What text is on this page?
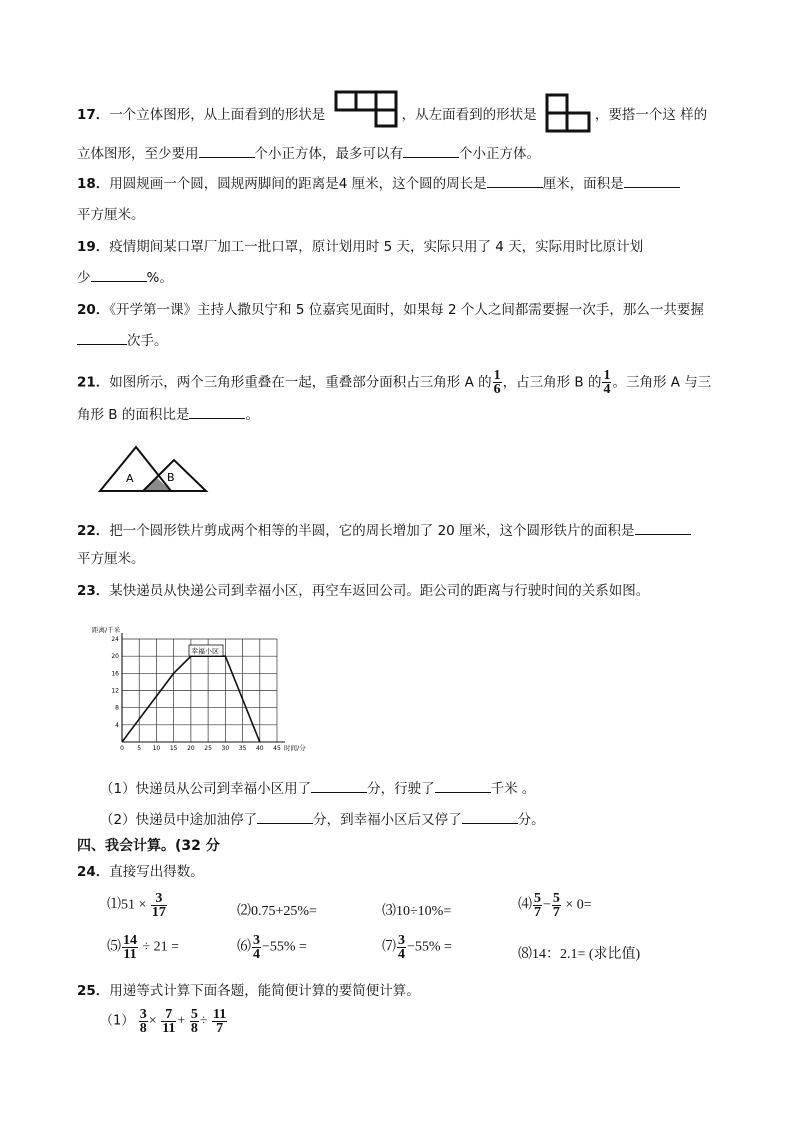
17．一个立体图形，从上面看到的形状是	，从左面看到的形状是	，要搭一个这 样的
立体图形，至少要用	个小正方体，最多可以有	个小正方体。
18．用圆规画一个圆，圆规两脚间的距离是4 厘米，这个圆的周长是	厘米，面积是
平方厘米。
19．疫情期间某口罩厂加工一批口罩，原计划用时 5 天，实际只用了 4 天，实际用时比原计划
少	%。
20．《开学第一课》主持人撒贝宁和 5 位嘉宾见面时，如果每 2 个人之间都需要握一次手，那么一共要握
次手。
21．如图所示，两个三角形重叠在一起，重叠部分面积占三角形 A 的 $\frac{1}{6}$ ，占三角形 B 的 $\frac{1}{4}$ 。三角形 A 与三
角形 B 的面积比是	。
A	B
22．把一个圆形铁片剪成两个相等的半圆，它的周长增加了 20 厘米，这个圆形铁片的面积是
平方厘米。
23．某快递员从快递公司到幸福小区，再空车返回公司。距公司的距离与行驶时间的关系如图。
0 5 10 15 20 25 30 35 40 45
4
8
12
16
20
24
距离/千米
时间/分
幸福小区
（1）快递员从公司到幸福小区用了	分，行驶了	千米 。
（2）快递员中途加油停了	分，到幸福小区后又停了	分。
四、我会计算。(32 分
24．直接写出得数。
⑴51 × $\frac{3}{17}$	⑵0.75+25%=	⑶10÷10%=	⑷ $\frac{5}{7} - \frac{5}{7} \times 0=$
⑸ $\frac{14}{11} \div 21$ =	⑹ $\frac{3}{4} -55\%$ =	⑺ $\frac{3}{4} -55\%$ =	⑻14：2.1= (求比值)
25．用递等式计算下面各题，能简便计算的要简便计算。
$(1) \frac{3}{8} \times \frac{7}{11} + \frac{5}{8} \div \frac{11}{7}$
